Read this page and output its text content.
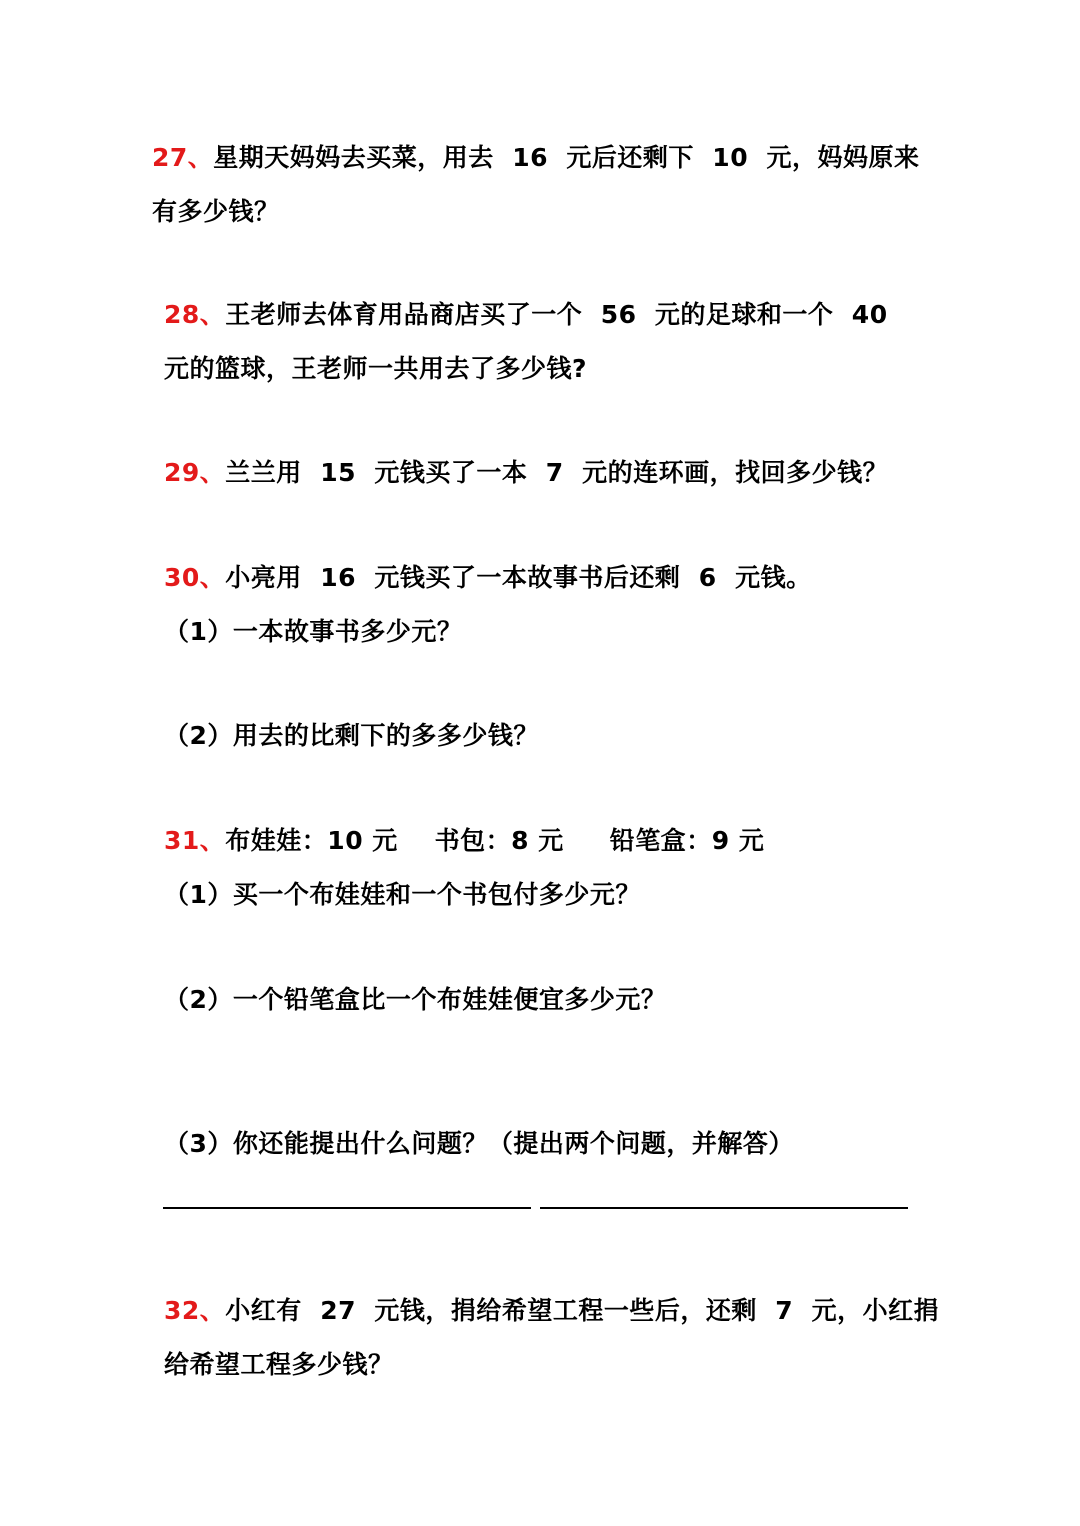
27、星期天妈妈去买菜，用去  16  元后还剩下  10  元，妈妈原来
有多少钱？
28、王老师去体育用品商店买了一个  56  元的足球和一个  40
元的篮球，王老师一共用去了多少钱?
29、兰兰用  15  元钱买了一本  7  元的连环画，找回多少钱？
30、小亮用  16  元钱买了一本故事书后还剩  6  元钱。
（1）一本故事书多少元？
（2）用去的比剩下的多多少钱？
31、布娃娃：10 元    书包：8 元     铅笔盒：9 元
（1）买一个布娃娃和一个书包付多少元？
（2）一个铅笔盒比一个布娃娃便宜多少元？
（3）你还能提出什么问题？（提出两个问题，并解答）
32、小红有  27  元钱，捐给希望工程一些后，还剩  7  元，小红捐
给希望工程多少钱？
